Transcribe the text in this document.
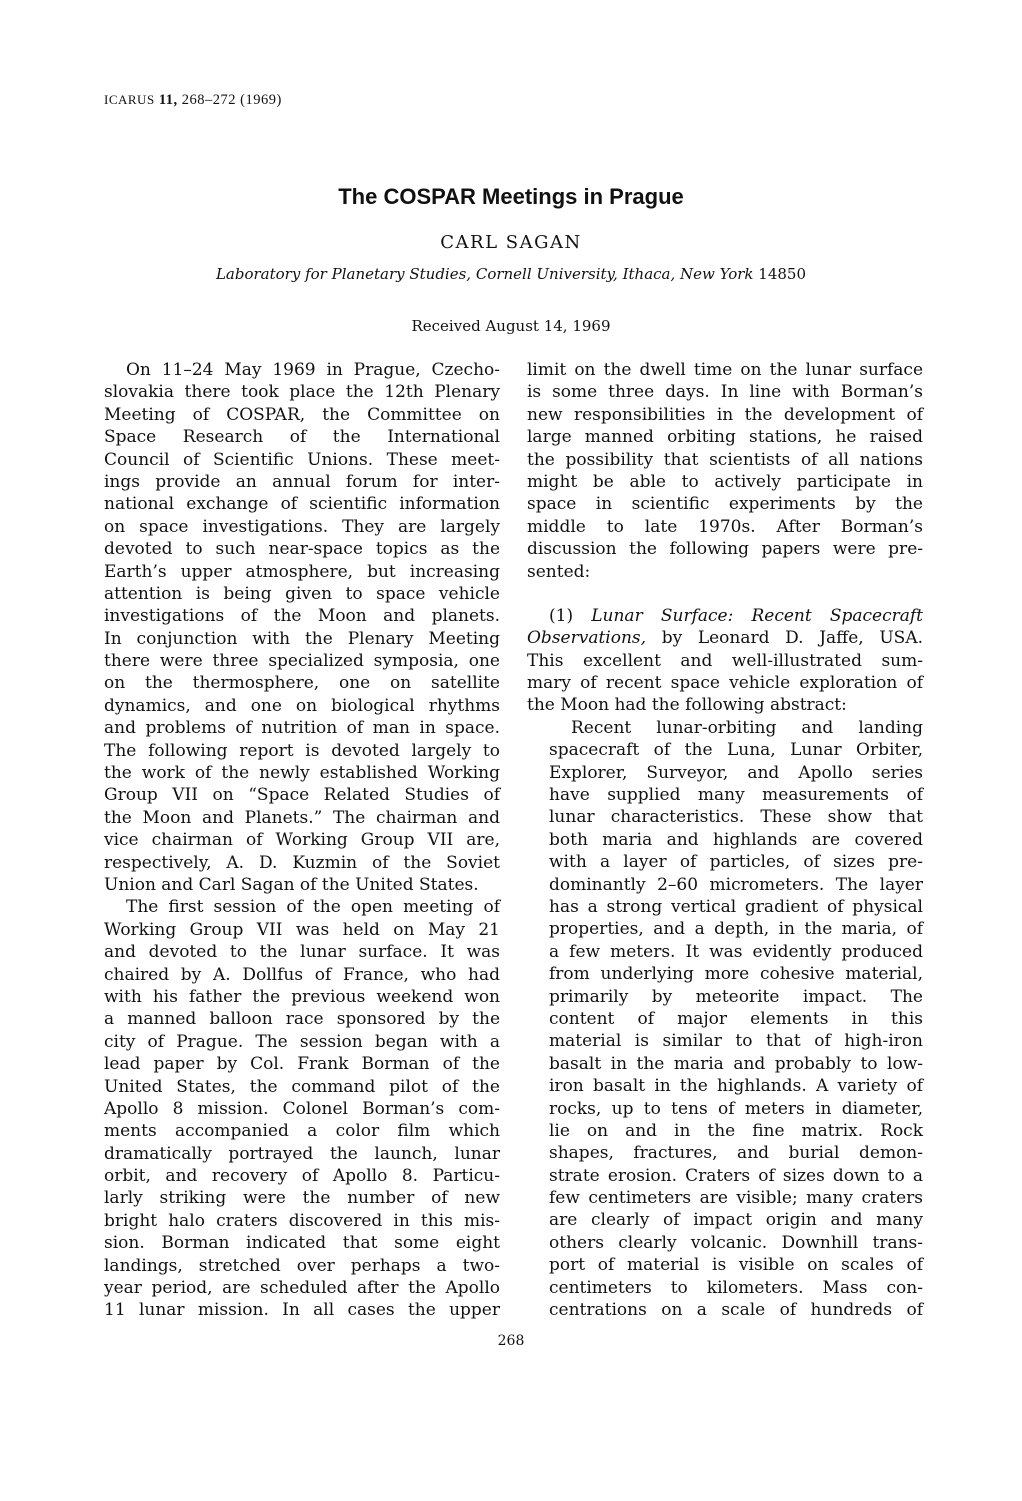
ICARUS 11, 268–272 (1969)
The COSPAR Meetings in Prague

CARL SAGAN

Laboratory for Planetary Studies, Cornell University, Ithaca, New York 14850

Received August 14, 1969

On 11–24 May 1969 in Prague, Czecho-
slovakia there took place the 12th Plenary
Meeting of COSPAR, the Committee on
Space Research of the International
Council of Scientific Unions. These meet-
ings provide an annual forum for inter-
national exchange of scientific information
on space investigations. They are largely
devoted to such near-space topics as the
Earth’s upper atmosphere, but increasing
attention is being given to space vehicle
investigations of the Moon and planets.
In conjunction with the Plenary Meeting
there were three specialized symposia, one
on the thermosphere, one on satellite
dynamics, and one on biological rhythms
and problems of nutrition of man in space.
The following report is devoted largely to
the work of the newly established Working
Group VII on “Space Related Studies of
the Moon and Planets.” The chairman and
vice chairman of Working Group VII are,
respectively, A. D. Kuzmin of the Soviet
Union and Carl Sagan of the United States.
The first session of the open meeting of
Working Group VII was held on May 21
and devoted to the lunar surface. It was
chaired by A. Dollfus of France, who had
with his father the previous weekend won
a manned balloon race sponsored by the
city of Prague. The session began with a
lead paper by Col. Frank Borman of the
United States, the command pilot of the
Apollo 8 mission. Colonel Borman’s com-
ments accompanied a color film which
dramatically portrayed the launch, lunar
orbit, and recovery of Apollo 8. Particu-
larly striking were the number of new
bright halo craters discovered in this mis-
sion. Borman indicated that some eight
landings, stretched over perhaps a two-
year period, are scheduled after the Apollo
11 lunar mission. In all cases the upper
limit on the dwell time on the lunar surface
is some three days. In line with Borman’s
new responsibilities in the development of
large manned orbiting stations, he raised
the possibility that scientists of all nations
might be able to actively participate in
space in scientific experiments by the
middle to late 1970s. After Borman’s
discussion the following papers were pre-
sented:
(1) Lunar Surface: Recent Spacecraft
Observations, by Leonard D. Jaffe, USA.
This excellent and well-illustrated sum-
mary of recent space vehicle exploration of
the Moon had the following abstract:
Recent lunar-orbiting and landing
spacecraft of the Luna, Lunar Orbiter,
Explorer, Surveyor, and Apollo series
have supplied many measurements of
lunar characteristics. These show that
both maria and highlands are covered
with a layer of particles, of sizes pre-
dominantly 2–60 micrometers. The layer
has a strong vertical gradient of physical
properties, and a depth, in the maria, of
a few meters. It was evidently produced
from underlying more cohesive material,
primarily by meteorite impact. The
content of major elements in this
material is similar to that of high-iron
basalt in the maria and probably to low-
iron basalt in the highlands. A variety of
rocks, up to tens of meters in diameter,
lie on and in the fine matrix. Rock
shapes, fractures, and burial demon-
strate erosion. Craters of sizes down to a
few centimeters are visible; many craters
are clearly of impact origin and many
others clearly volcanic. Downhill trans-
port of material is visible on scales of
centimeters to kilometers. Mass con-
centrations on a scale of hundreds of

268
